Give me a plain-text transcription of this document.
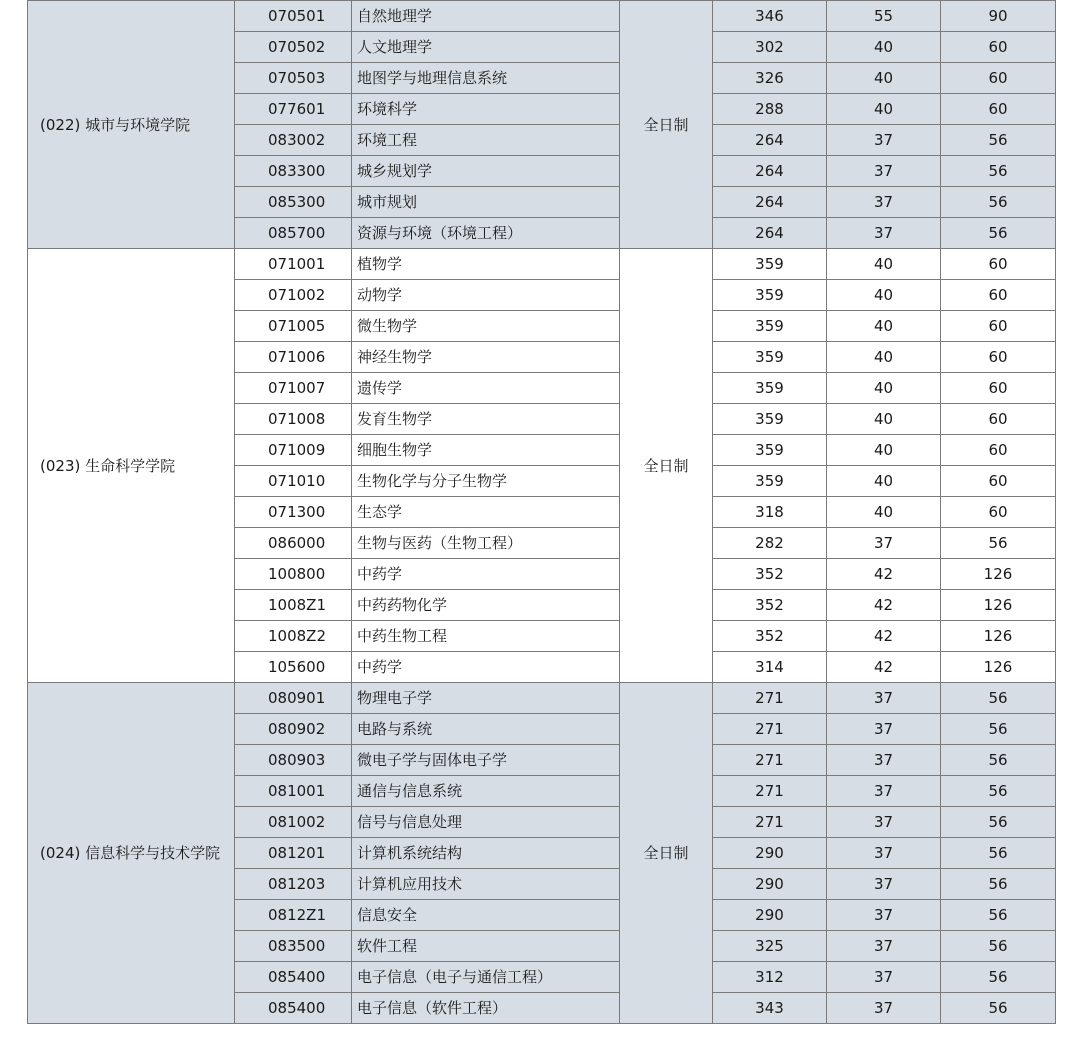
(022) 城市与环境学院	070501	自然地理学	全日制	346	55	90
	070502	人文地理学		302	40	60
	070503	地图学与地理信息系统		326	40	60
	077601	环境科学		288	40	60
	083002	环境工程		264	37	56
	083300	城乡规划学		264	37	56
	085300	城市规划		264	37	56
	085700	资源与环境（环境工程）		264	37	56
(023) 生命科学学院	071001	植物学	全日制	359	40	60
	071002	动物学		359	40	60
	071005	微生物学		359	40	60
	071006	神经生物学		359	40	60
	071007	遗传学		359	40	60
	071008	发育生物学		359	40	60
	071009	细胞生物学		359	40	60
	071010	生物化学与分子生物学		359	40	60
	071300	生态学		318	40	60
	086000	生物与医药（生物工程）		282	37	56
	100800	中药学		352	42	126
	1008Z1	中药药物化学		352	42	126
	1008Z2	中药生物工程		352	42	126
	105600	中药学		314	42	126
(024) 信息科学与技术学院	080901	物理电子学	全日制	271	37	56
	080902	电路与系统		271	37	56
	080903	微电子学与固体电子学		271	37	56
	081001	通信与信息系统		271	37	56
	081002	信号与信息处理		271	37	56
	081201	计算机系统结构		290	37	56
	081203	计算机应用技术		290	37	56
	0812Z1	信息安全		290	37	56
	083500	软件工程		325	37	56
	085400	电子信息（电子与通信工程）		312	37	56
	085400	电子信息（软件工程）		343	37	56
